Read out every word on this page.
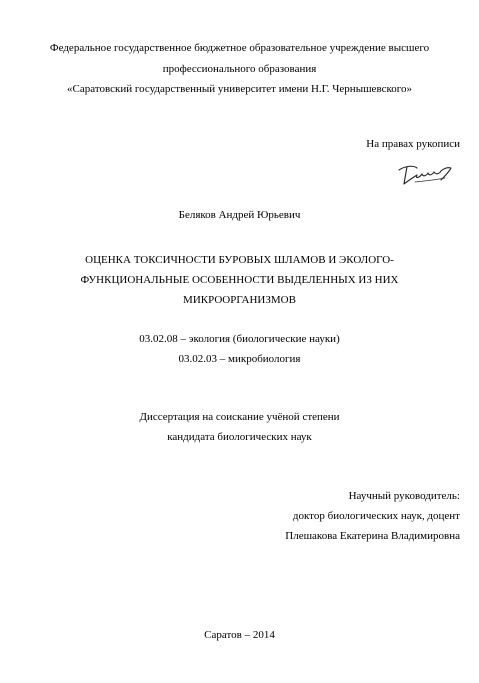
Федеральное государственное бюджетное образовательное учреждение высшего
профессионального образования
«Саратовский государственный университет имени Н.Г. Чернышевского»
На правах рукописи
Беляков Андрей Юрьевич
ОЦЕНКА ТОКСИЧНОСТИ БУРОВЫХ ШЛАМОВ И ЭКОЛОГО-
ФУНКЦИОНАЛЬНЫЕ ОСОБЕННОСТИ ВЫДЕЛЕННЫХ ИЗ НИХ
МИКРООРГАНИЗМОВ
03.02.08 – экология (биологические науки)
03.02.03 – микробиология
Диссертация на соискание учёной степени
кандидата биологических наук
Научный руководитель:
доктор биологических наук, доцент
Плешакова Екатерина Владимировна
Саратов – 2014
